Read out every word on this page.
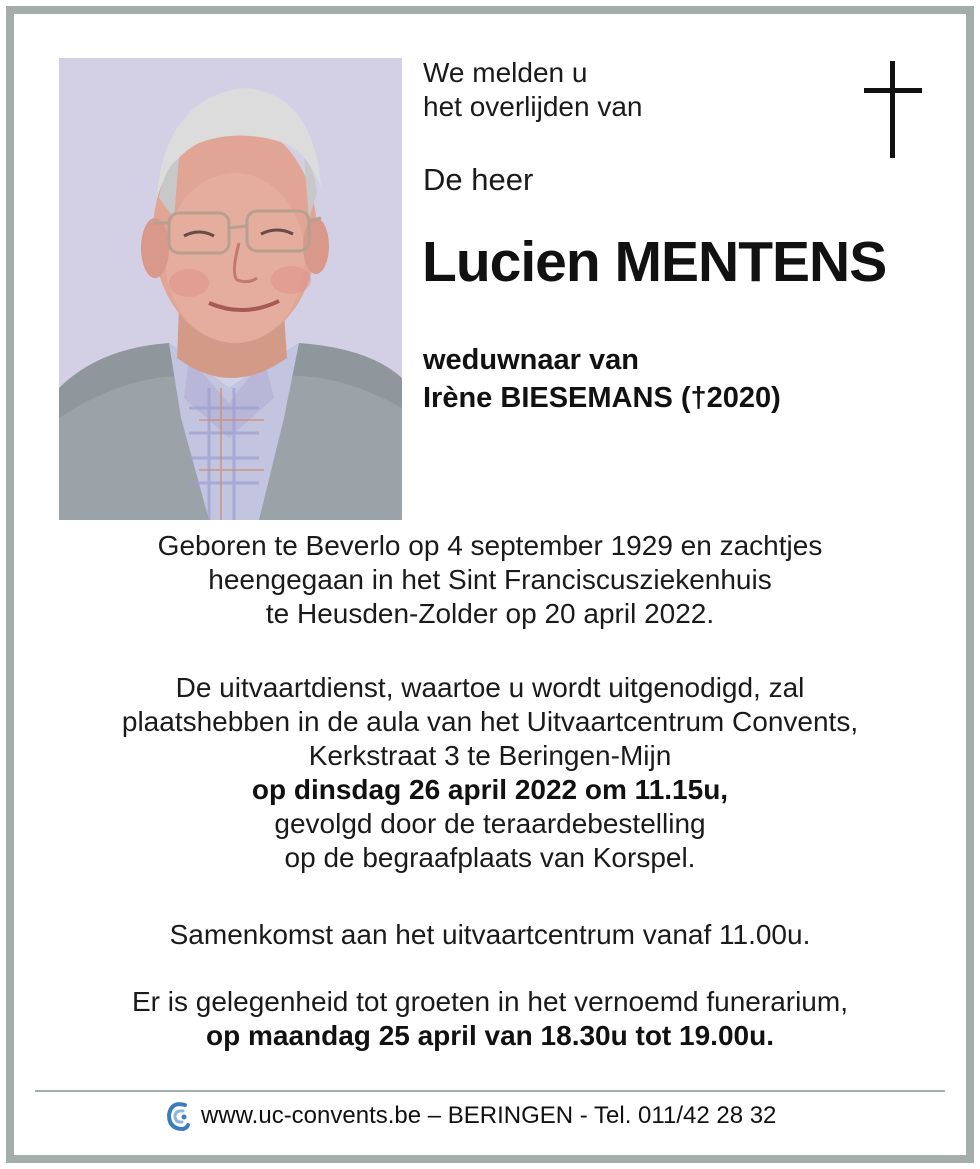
We melden u
het overlijden van
De heer
Lucien MENTENS
weduwnaar van
Irène BIESEMANS (†2020)
Geboren te Beverlo op 4 september 1929 en zachtjes
heengegaan in het Sint Franciscusziekenhuis
te Heusden-Zolder op 20 april 2022.
De uitvaartdienst, waartoe u wordt uitgenodigd, zal
plaatshebben in de aula van het Uitvaartcentrum Convents,
Kerkstraat 3 te Beringen-Mijn
op dinsdag 26 april 2022 om 11.15u,
gevolgd door de teraardebestelling
op de begraafplaats van Korspel.
Samenkomst aan het uitvaartcentrum vanaf 11.00u.
Er is gelegenheid tot groeten in het vernoemd funerarium,
op maandag 25 april van 18.30u tot 19.00u.
www.uc-convents.be – BERINGEN - Tel. 011/42 28 32
